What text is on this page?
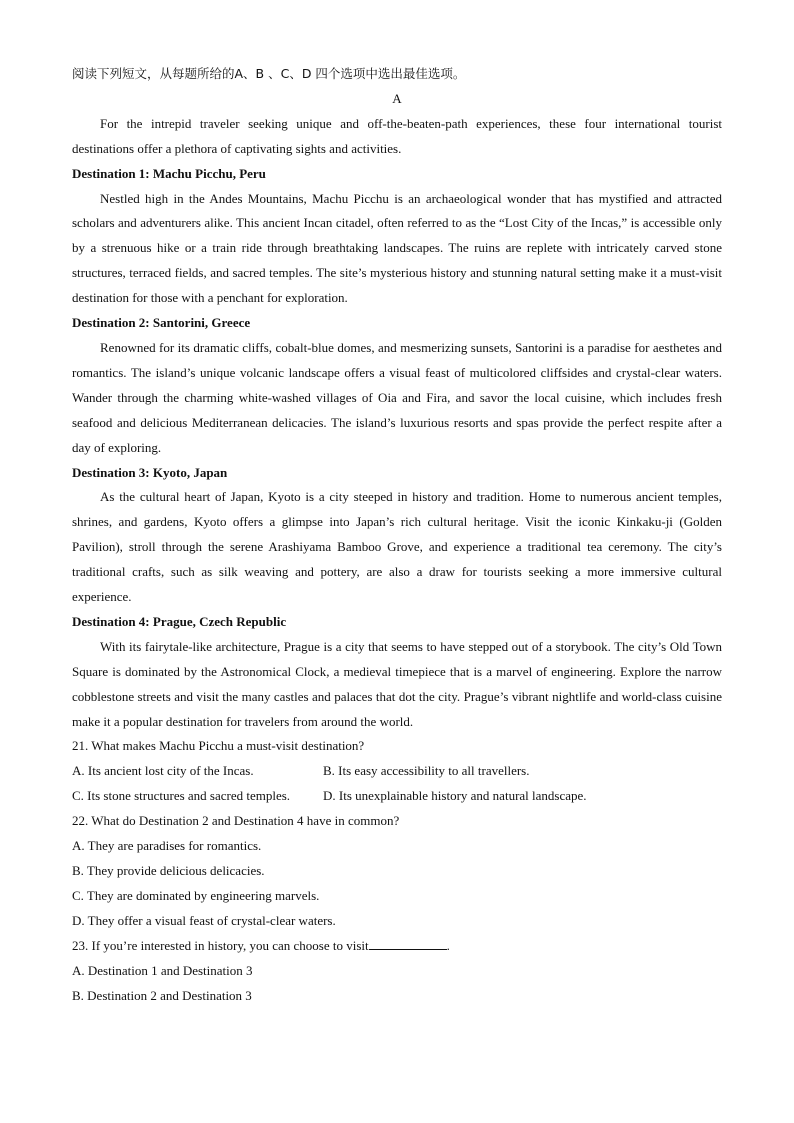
阅读下列短文，从每题所给的A、B 、C、D 四个选项中选出最佳选项。

A

For the intrepid traveler seeking unique and off-the-beaten-path experiences, these four international tourist destinations offer a plethora of captivating sights and activities.

Destination 1: Machu Picchu, Peru

Nestled high in the Andes Mountains, Machu Picchu is an archaeological wonder that has mystified and attracted scholars and adventurers alike. This ancient Incan citadel, often referred to as the “Lost City of the Incas,” is accessible only by a strenuous hike or a train ride through breathtaking landscapes. The ruins are replete with intricately carved stone structures, terraced fields, and sacred temples. The site’s mysterious history and stunning natural setting make it a must-visit destination for those with a penchant for exploration.

Destination 2: Santorini, Greece

Renowned for its dramatic cliffs, cobalt-blue domes, and mesmerizing sunsets, Santorini is a paradise for aesthetes and romantics. The island’s unique volcanic landscape offers a visual feast of multicolored cliffsides and crystal-clear waters. Wander through the charming white-washed villages of Oia and Fira, and savor the local cuisine, which includes fresh seafood and delicious Mediterranean delicacies. The island’s luxurious resorts and spas provide the perfect respite after a day of exploring.

Destination 3: Kyoto, Japan

As the cultural heart of Japan, Kyoto is a city steeped in history and tradition. Home to numerous ancient temples, shrines, and gardens, Kyoto offers a glimpse into Japan’s rich cultural heritage. Visit the iconic Kinkaku-ji (Golden Pavilion), stroll through the serene Arashiyama Bamboo Grove, and experience a traditional tea ceremony. The city’s traditional crafts, such as silk weaving and pottery, are also a draw for tourists seeking a more immersive cultural experience.

Destination 4: Prague, Czech Republic

With its fairytale-like architecture, Prague is a city that seems to have stepped out of a storybook. The city’s Old Town Square is dominated by the Astronomical Clock, a medieval timepiece that is a marvel of engineering. Explore the narrow cobblestone streets and visit the many castles and palaces that dot the city. Prague’s vibrant nightlife and world-class cuisine make it a popular destination for travelers from around the world.

21. What makes Machu Picchu a must-visit destination?

A. Its ancient lost city of the Incas.	B. Its easy accessibility to all travellers.
C. Its stone structures and sacred temples.	D. Its unexplainable history and natural landscape.

22. What do Destination 2 and Destination 4 have in common?

A. They are paradises for romantics.

B. They provide delicious delicacies.

C. They are dominated by engineering marvels.

D. They offer a visual feast of crystal-clear waters.

23. If you’re interested in history, you can choose to visit	.

A. Destination 1 and Destination 3

B. Destination 2 and Destination 3
